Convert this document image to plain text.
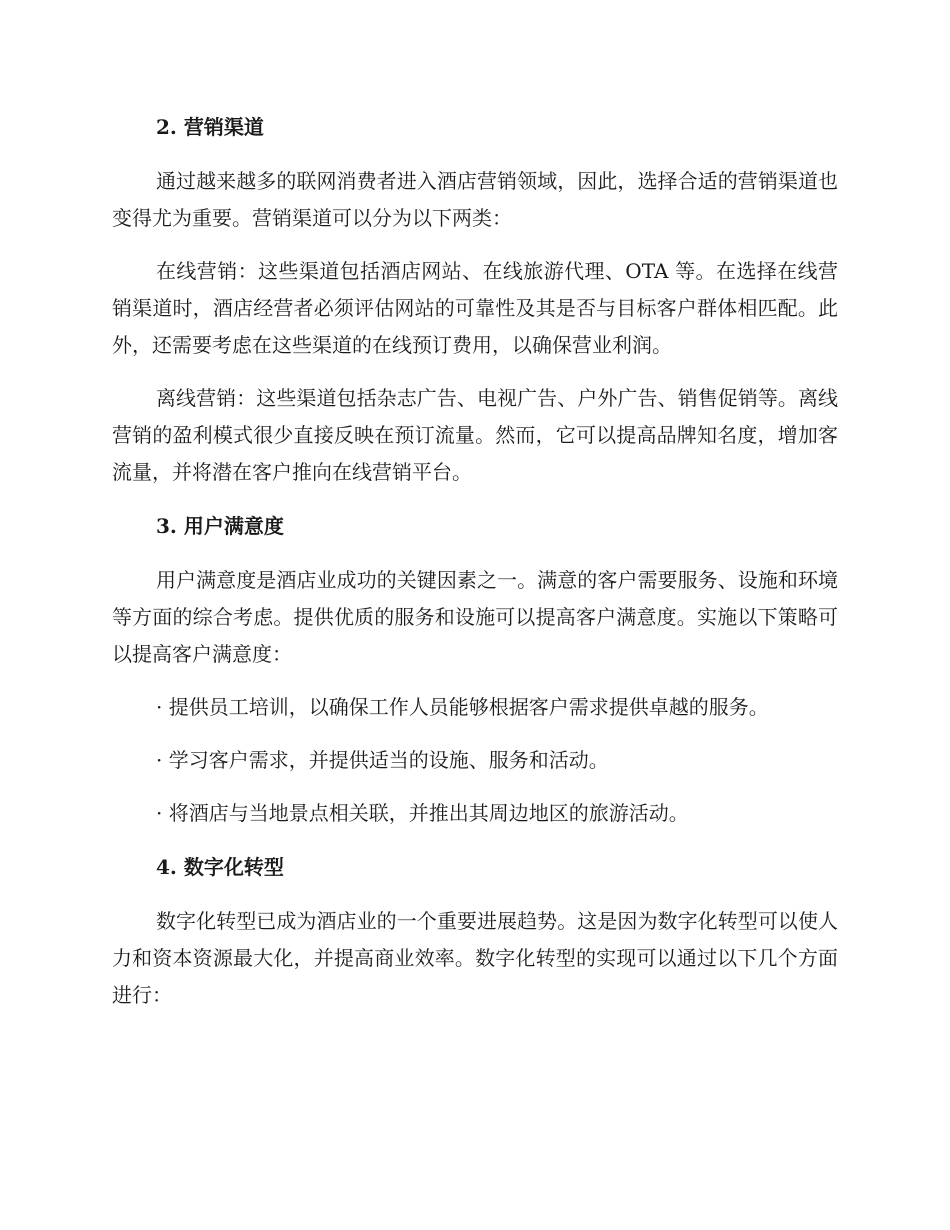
2. 营销渠道

通过越来越多的联网消费者进入酒店营销领域，因此，选择合适的营销渠道也变得尤为重要。营销渠道可以分为以下两类：

在线营销：这些渠道包括酒店网站、在线旅游代理、OTA 等。在选择在线营销渠道时，酒店经营者必须评估网站的可靠性及其是否与目标客户群体相匹配。此外，还需要考虑在这些渠道的在线预订费用，以确保营业利润。

离线营销：这些渠道包括杂志广告、电视广告、户外广告、销售促销等。离线营销的盈利模式很少直接反映在预订流量。然而，它可以提高品牌知名度，增加客流量，并将潜在客户推向在线营销平台。

3. 用户满意度

用户满意度是酒店业成功的关键因素之一。满意的客户需要服务、设施和环境等方面的综合考虑。提供优质的服务和设施可以提高客户满意度。实施以下策略可以提高客户满意度：

· 提供员工培训，以确保工作人员能够根据客户需求提供卓越的服务。

· 学习客户需求，并提供适当的设施、服务和活动。

· 将酒店与当地景点相关联，并推出其周边地区的旅游活动。

4. 数字化转型

数字化转型已成为酒店业的一个重要进展趋势。这是因为数字化转型可以使人力和资本资源最大化，并提高商业效率。数字化转型的实现可以通过以下几个方面进行：
